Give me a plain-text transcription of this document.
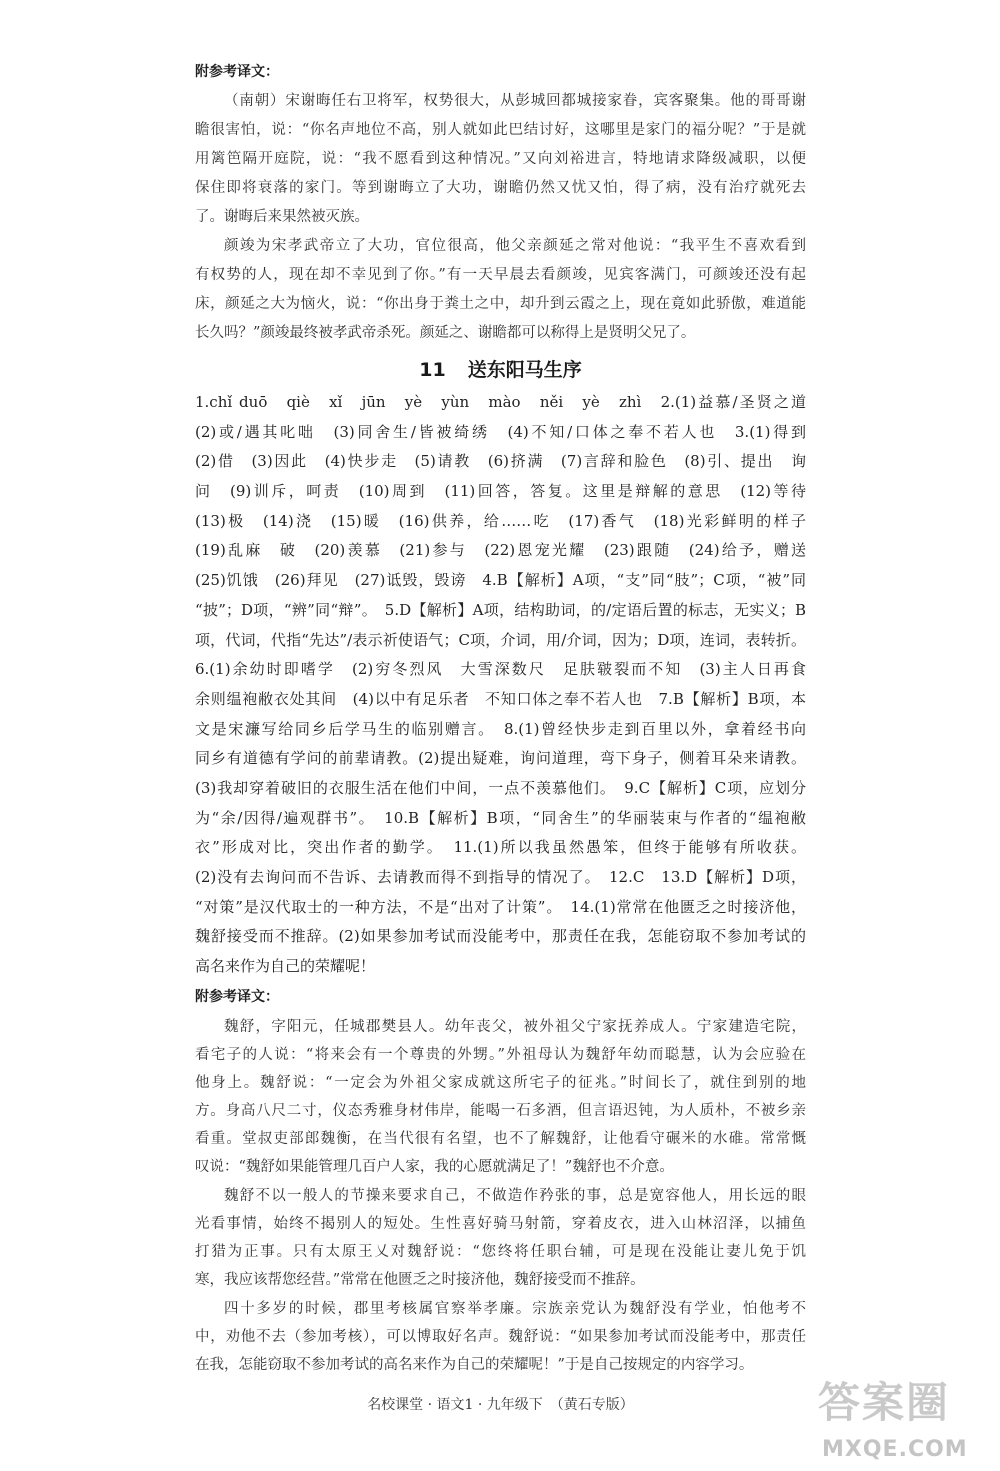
附参考译文：
（南朝）宋谢晦任右卫将军，权势很大，从彭城回都城接家眷，宾客聚集。他的哥哥谢
瞻很害怕，说：“你名声地位不高，别人就如此巴结讨好，这哪里是家门的福分呢？”于是就
用篱笆隔开庭院，说：“我不愿看到这种情况。”又向刘裕进言，特地请求降级减职，以便
保住即将衰落的家门。等到谢晦立了大功，谢瞻仍然又忧又怕，得了病，没有治疗就死去
了。谢晦后来果然被灭族。
颜竣为宋孝武帝立了大功，官位很高，他父亲颜延之常对他说：“我平生不喜欢看到
有权势的人，现在却不幸见到了你。”有一天早晨去看颜竣，见宾客满门，可颜竣还没有起
床，颜延之大为恼火，说：“你出身于粪土之中，却升到云霞之上，现在竟如此骄傲，难道能
长久吗？”颜竣最终被孝武帝杀死。颜延之、谢瞻都可以称得上是贤明父兄了。
11 送东阳马生序
1.chǐ duō　qiè　xǐ　jūn　yè　yùn　mào　něi　yè　zhì　2.(1)益慕/圣贤之道
(2)或/遇其叱咄　(3)同舍生/皆被绮绣　(4)不知/口体之奉不若人也　3.(1)得到
(2)借　(3)因此　(4)快步走　(5)请教　(6)挤满　(7)言辞和脸色　(8)引、提出　询
问　(9)训斥，呵责　(10)周到　(11)回答，答复。这里是辩解的意思　(12)等待
(13)极　(14)浇　(15)暖　(16)供养，给……吃　(17)香气　(18)光彩鲜明的样子
(19)乱麻　破　(20)羡慕　(21)参与　(22)恩宠光耀　(23)跟随　(24)给予，赠送
(25)饥饿　(26)拜见　(27)诋毁，毁谤　4.B【解析】A项，“支”同“肢”；C项，“被”同
“披”；D项，“辨”同“辩”。　5.D【解析】A项，结构助词，的/定语后置的标志，无实义；B
项，代词，代指“先达”/表示祈使语气；C项，介词，用/介词，因为；D项，连词，表转折。
6.(1)余幼时即嗜学　(2)穷冬烈风　大雪深数尺　足肤皲裂而不知　(3)主人日再食
余则缊袍敝衣处其间　(4)以中有足乐者　不知口体之奉不若人也　7.B【解析】B项，本
文是宋濂写给同乡后学马生的临别赠言。　8.(1)曾经快步走到百里以外，拿着经书向
同乡有道德有学问的前辈请教。(2)提出疑难，询问道理，弯下身子，侧着耳朵来请教。
(3)我却穿着破旧的衣服生活在他们中间，一点不羡慕他们。　9.C【解析】C项，应划分
为“余/因得/遍观群书”。　10.B【解析】B项，“同舍生”的华丽装束与作者的“缊袍敝
衣”形成对比，突出作者的勤学。　11.(1)所以我虽然愚笨，但终于能够有所收获。
(2)没有去询问而不告诉、去请教而得不到指导的情况了。　12.C　13.D【解析】D项，
“对策”是汉代取士的一种方法，不是“出对了计策”。　14.(1)常常在他匮乏之时接济他，
魏舒接受而不推辞。(2)如果参加考试而没能考中，那责任在我，怎能窃取不参加考试的
高名来作为自己的荣耀呢！
附参考译文：
魏舒，字阳元，任城郡樊县人。幼年丧父，被外祖父宁家抚养成人。宁家建造宅院，
看宅子的人说：“将来会有一个尊贵的外甥。”外祖母认为魏舒年幼而聪慧，认为会应验在
他身上。魏舒说：“一定会为外祖父家成就这所宅子的征兆。”时间长了，就住到别的地
方。身高八尺二寸，仪态秀雅身材伟岸，能喝一石多酒，但言语迟钝，为人质朴，不被乡亲
看重。堂叔吏部郎魏衡，在当代很有名望，也不了解魏舒，让他看守碾米的水碓。常常慨
叹说：“魏舒如果能管理几百户人家，我的心愿就满足了！”魏舒也不介意。
魏舒不以一般人的节操来要求自己，不做造作矜张的事，总是宽容他人，用长远的眼
光看事情，始终不揭别人的短处。生性喜好骑马射箭，穿着皮衣，进入山林沼泽，以捕鱼
打猎为正事。只有太原王乂对魏舒说：“您终将任职台辅，可是现在没能让妻儿免于饥
寒，我应该帮您经营。”常常在他匮乏之时接济他，魏舒接受而不推辞。
四十多岁的时候，郡里考核属官察举孝廉。宗族亲党认为魏舒没有学业，怕他考不
中，劝他不去（参加考核），可以博取好名声。魏舒说：“如果参加考试而没能考中，那责任
在我，怎能窃取不参加考试的高名来作为自己的荣耀呢！”于是自己按规定的内容学习。
名校课堂 · 语文1 · 九年级下　（黄石专版）	答案圈
MXQE.COM
